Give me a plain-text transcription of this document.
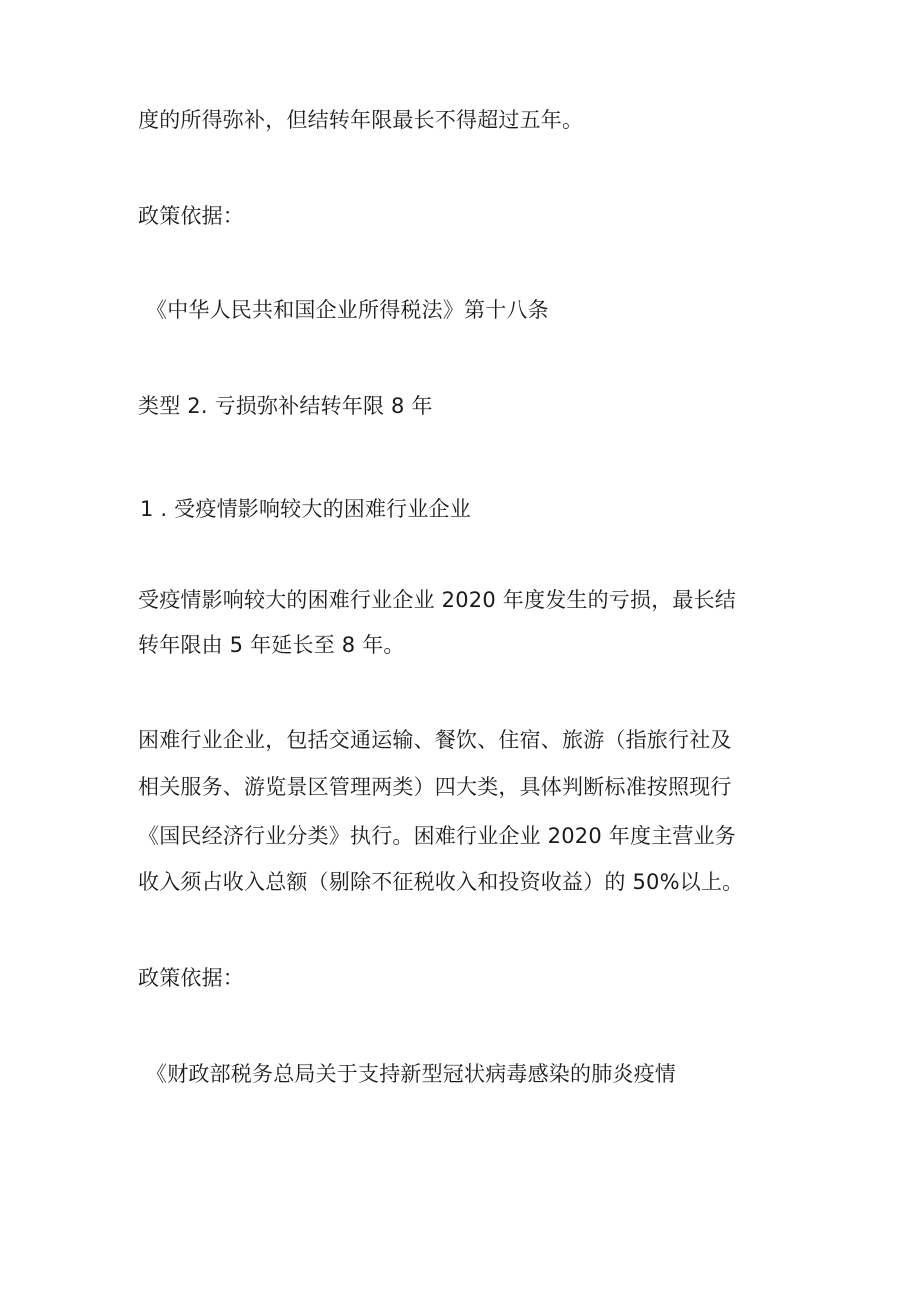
度的所得弥补，但结转年限最长不得超过五年。
政策依据：
《中华人民共和国企业所得税法》第十八条
类型 2. 亏损弥补结转年限 8 年
1 . 受疫情影响较大的困难行业企业
受疫情影响较大的困难行业企业 2020 年度发生的亏损，最长结
转年限由 5 年延长至 8 年。
困难行业企业，包括交通运输、餐饮、住宿、旅游（指旅行社及
相关服务、游览景区管理两类）四大类，具体判断标准按照现行
《国民经济行业分类》执行。困难行业企业 2020 年度主营业务
收入须占收入总额（剔除不征税收入和投资收益）的 50%以上。
政策依据：
《财政部税务总局关于支持新型冠状病毒感染的肺炎疫情
